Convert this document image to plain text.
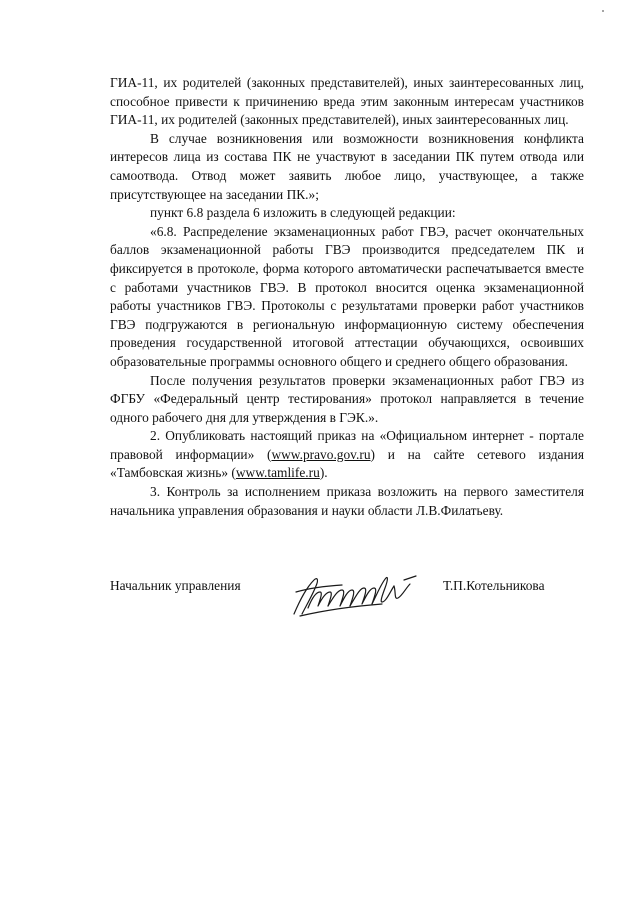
ГИА-11, их родителей (законных представителей), иных заинтересованных лиц, способное привести к причинению вреда этим законным интересам участников ГИА-11, их родителей (законных представителей), иных заинтересованных лиц.

В случае возникновения или возможности возникновения конфликта интересов лица из состава ПК не участвуют в заседании ПК путем отвода или самоотвода. Отвод может заявить любое лицо, участвующее, а также присутствующее на заседании ПК.»;

пункт 6.8 раздела 6 изложить в следующей редакции:

«6.8. Распределение экзаменационных работ ГВЭ, расчет окончательных баллов экзаменационной работы ГВЭ производится председателем ПК и фиксируется в протоколе, форма которого автоматически распечатывается вместе с работами участников ГВЭ. В протокол вносится оценка экзаменационной работы участников ГВЭ. Протоколы с результатами проверки работ участников ГВЭ подгружаются в региональную информационную систему обеспечения проведения государственной итоговой аттестации обучающихся, освоивших образовательные программы основного общего и среднего общего образования.

После получения результатов проверки экзаменационных работ ГВЭ из ФГБУ «Федеральный центр тестирования» протокол направляется в течение одного рабочего дня для утверждения в ГЭК.».

2. Опубликовать настоящий приказ на «Официальном интернет - портале правовой информации» (www.pravo.gov.ru) и на сайте сетевого издания «Тамбовская жизнь» (www.tamlife.ru).

3. Контроль за исполнением приказа возложить на первого заместителя начальника управления образования и науки области Л.В.Филатьеву.

Начальник управления	Т.П.Котельникова
